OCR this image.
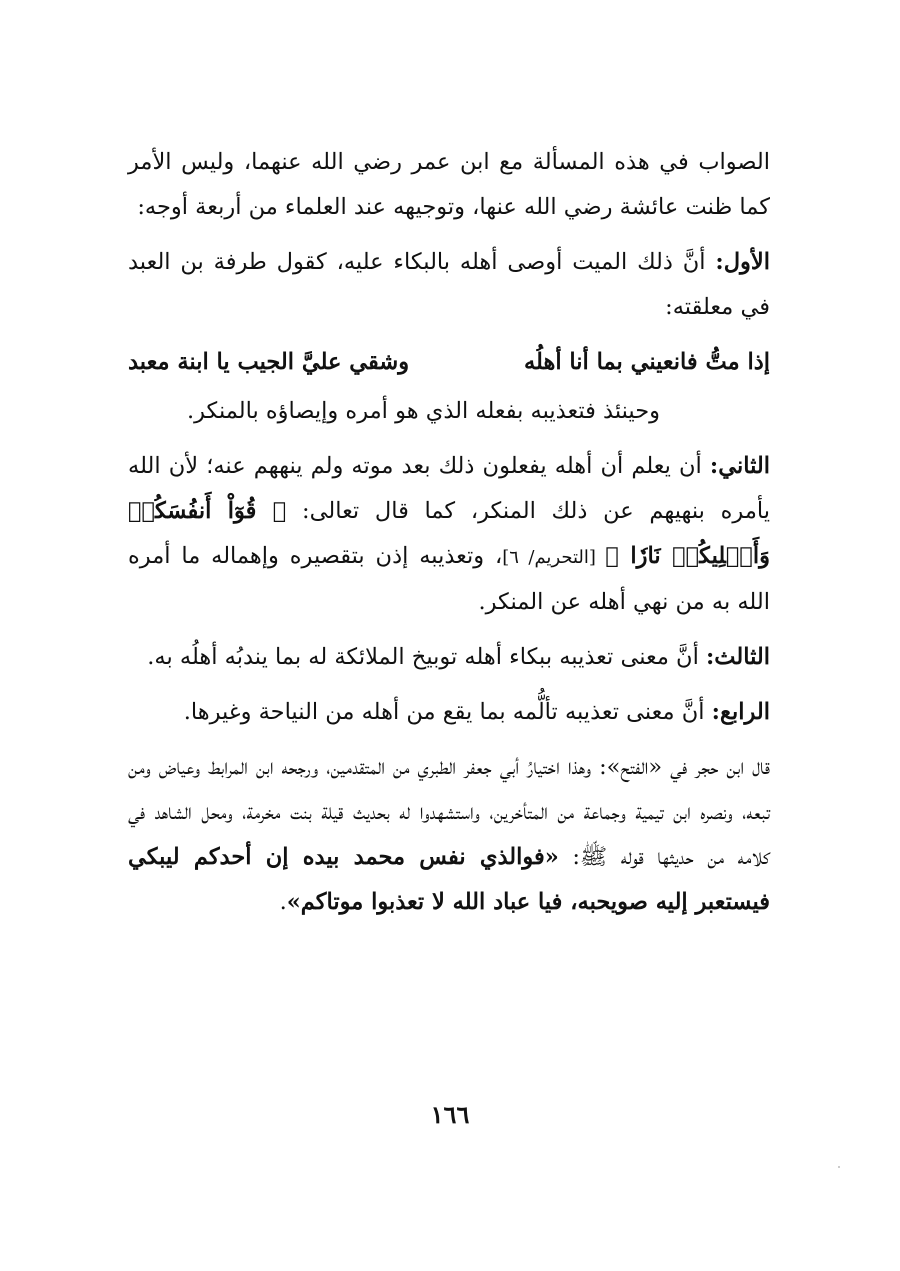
الصواب في هذه المسألة مع ابن عمر رضي الله عنهما، وليس الأمر كما ظنت عائشة رضي الله عنها، وتوجيهه عند العلماء من أربعة أوجه:

الأول: أنَّ ذلك الميت أوصى أهله بالبكاء عليه، كقول طرفة بن العبد في معلقته:

إذا متُّ فانعيني بما أنا أهلُه
وشقي عليَّ الجيب يا ابنة معبد

وحينئذ فتعذيبه بفعله الذي هو أمره وإيصاؤه بالمنكر.

الثاني: أن يعلم أن أهله يفعلون ذلك بعد موته ولم ينههم عنه؛ لأن الله يأمره بنهيهم عن ذلك المنكر، كما قال تعالى: ﴿ قُوٓاْ أَنفُسَكُمۡ وَأَهۡلِيكُمۡ نَارٗا ﴾ [التحريم/ ٦]، وتعذيبه إذن بتقصيره وإهماله ما أمره الله به من نهي أهله عن المنكر.

الثالث: أنَّ معنى تعذيبه ببكاء أهله توبيخ الملائكة له بما يندبُه أهلُه به.

الرابع: أنَّ معنى تعذيبه تألُّمه بما يقع من أهله من النياحة وغيرها.

قال ابن حجر في «الفتح»: وهذا اختيارُ أبي جعفر الطبري من المتقدمين، ورجحه ابن المرابط وعياض ومن تبعه، ونصره ابن تيمية وجماعة من المتأخرين، واستشهدوا له بحديث قيلة بنت مخرمة، ومحل الشاهد في كلامه من حديثها قوله ﷺ: «فوالذي نفس محمد بيده إن أحدكم ليبكي فيستعبر إليه صويحبه، فيا عباد الله لا تعذبوا موتاكم».

١٦٦
